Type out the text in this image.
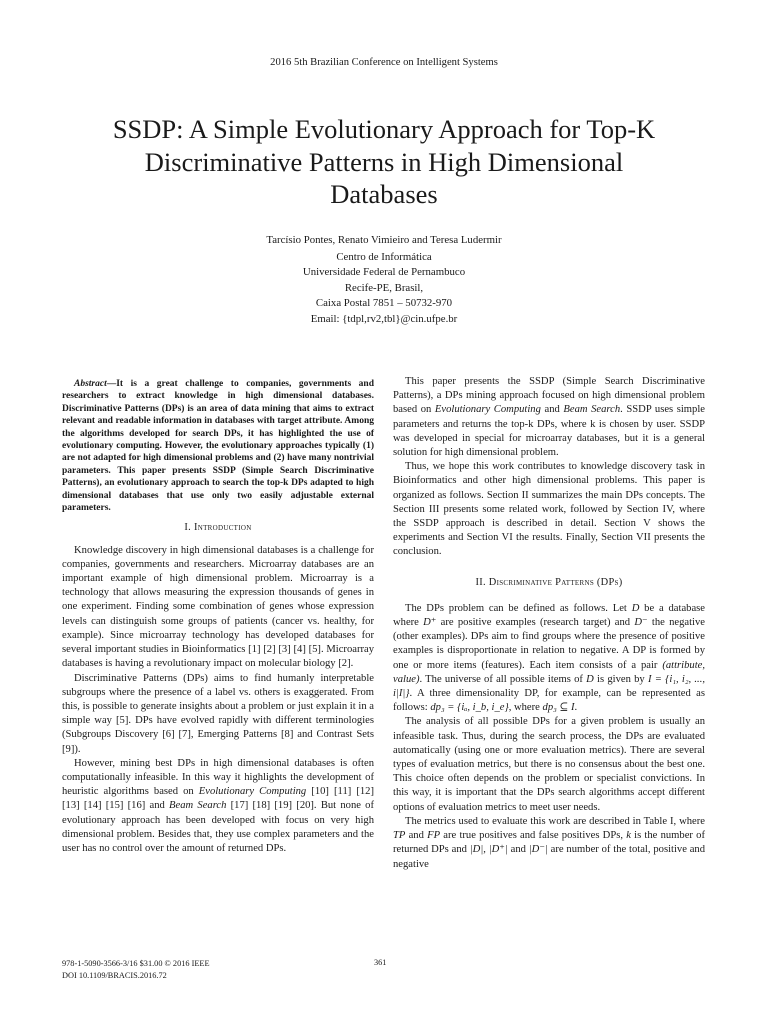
2016 5th Brazilian Conference on Intelligent Systems
SSDP: A Simple Evolutionary Approach for Top-K Discriminative Patterns in High Dimensional Databases
Tarcísio Pontes, Renato Vimieiro and Teresa Ludermir
Centro de Informática
Universidade Federal de Pernambuco
Recife-PE, Brasil,
Caixa Postal 7851 – 50732-970
Email: {tdpl,rv2,tbl}@cin.ufpe.br
Abstract—It is a great challenge to companies, governments and researchers to extract knowledge in high dimensional databases. Discriminative Patterns (DPs) is an area of data mining that aims to extract relevant and readable information in databases with target attribute. Among the algorithms developed for search DPs, it has highlighted the use of evolutionary computing. However, the evolutionary approaches typically (1) are not adapted for high dimensional problems and (2) have many nontrivial parameters. This paper presents SSDP (Simple Search Discriminative Patterns), an evolutionary approach to search the top-k DPs adapted to high dimensional databases that use only two easily adjustable external parameters.
I. Introduction

Knowledge discovery in high dimensional databases is a challenge for companies, governments and researchers. Microarray databases are an important example of high dimensional problem. Microarray is a technology that allows measuring the expression thousands of genes in one experiment. Finding some combination of genes whose expression levels can distinguish some groups of patients (cancer vs. healthy, for example). Since microarray technology has developed databases for several important studies in Bioinformatics [1] [2] [3] [4] [5]. Microarray databases is having a revolutionary impact on molecular biology [2].

Discriminative Patterns (DPs) aims to find humanly interpretable subgroups where the presence of a label vs. others is exaggerated. From this, is possible to generate insights about a problem or just explain it in a simple way [5]. DPs have evolved rapidly with different terminologies (Subgroups Discovery [6] [7], Emerging Patterns [8] and Contrast Sets [9]).

However, mining best DPs in high dimensional databases is often computationally infeasible. In this way it highlights the development of heuristic algorithms based on Evolutionary Computing [10] [11] [12] [13] [14] [15] [16] and Beam Search [17] [18] [19] [20]. But none of evolutionary approach has been developed with focus on very high dimensional problem. Besides that, they use complex parameters and the user has no control over the amount of returned DPs.

This paper presents the SSDP (Simple Search Discriminative Patterns), a DPs mining approach focused on high dimensional problem based on Evolutionary Computing and Beam Search. SSDP uses simple parameters and returns the top-k DPs, where k is chosen by user. SSDP was developed in special for microarray databases, but it is a general solution for high dimensional problem.

Thus, we hope this work contributes to knowledge discovery task in Bioinformatics and other high dimensional problems. This paper is organized as follows. Section II summarizes the main DPs concepts. The Section III presents some related work, followed by Section IV, where the SSDP approach is described in detail. Section V shows the experiments and Section VI the results. Finally, Section VII presents the conclusion.

II. Discriminative Patterns (DPs)

The DPs problem can be defined as follows. Let D be a database where D⁺ are positive examples (research target) and D⁻ the negative (other examples). DPs aim to find groups where the presence of positive examples is disproportionate in relation to negative. A DP is formed by one or more items (features). Each item consists of a pair (attribute, value). The universe of all possible items of D is given by I = {i₁, i₂, ..., i|I|}. A three dimensionality DP, for example, can be represented as follows: dp₃ = {iₐ, i_b, i_e}, where dp₃ ⊆ I.

The analysis of all possible DPs for a given problem is usually an infeasible task. Thus, during the search process, the DPs are evaluated automatically (using one or more evaluation metrics). There are several types of evaluation metrics, but there is no consensus about the best one. This choice often depends on the problem or specialist convictions. In this way, it is important that the DPs search algorithms accept different options of evaluation metrics to meet user needs.

The metrics used to evaluate this work are described in Table I, where TP and FP are true positives and false positives DPs, k is the number of returned DPs and |D|, |D⁺| and |D⁻| are number of the total, positive and negative

978-1-5090-3566-3/16 $31.00 © 2016 IEEE
DOI 10.1109/BRACIS.2016.72
361
